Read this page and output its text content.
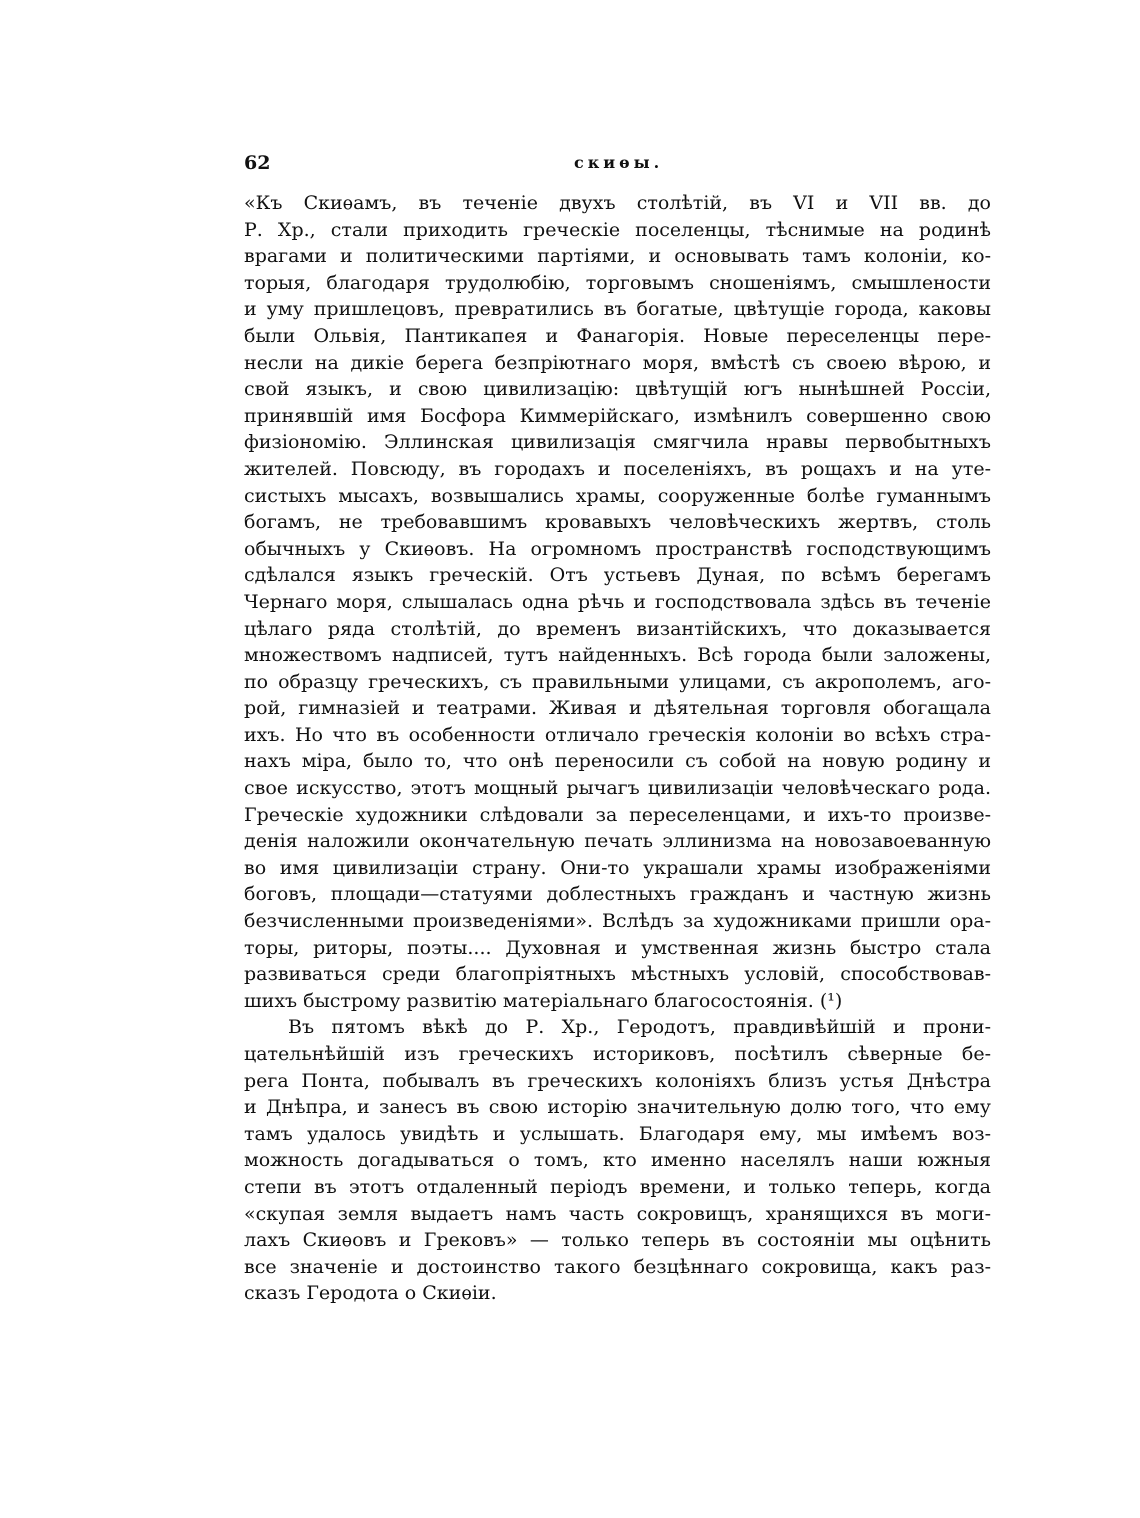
62	скиѳы.
«Къ Скиѳамъ, въ теченіе двухъ столѣтій, въ VI и VII вв. до
Р. Хр., стали приходить греческіе поселенцы, тѣснимые на родинѣ
врагами и политическими партіями, и основывать тамъ колоніи, ко-
торыя, благодаря трудолюбію, торговымъ сношеніямъ, смышлености
и уму пришлецовъ, превратились въ богатые, цвѣтущіе города, каковы
были Ольвія, Пантикапея и Фанагорія. Новые переселенцы пере-
несли на дикіе берега безпріютнаго моря, вмѣстѣ съ своею вѣрою, и
свой языкъ, и свою цивилизацію: цвѣтущій югъ нынѣшней Россіи,
принявшій имя Босфора Киммерійскаго, измѣнилъ совершенно свою
физіономію. Эллинская цивилизація смягчила нравы первобытныхъ
жителей. Повсюду, въ городахъ и поселеніяхъ, въ рощахъ и на уте-
систыхъ мысахъ, возвышались храмы, сооруженные болѣе гуманнымъ
богамъ, не требовавшимъ кровавыхъ человѣческихъ жертвъ, столь
обычныхъ у Скиѳовъ. На огромномъ пространствѣ господствующимъ
сдѣлался языкъ греческій. Отъ устьевъ Дуная, по всѣмъ берегамъ
Чернаго моря, слышалась одна рѣчь и господствовала здѣсь въ теченіе
цѣлаго ряда столѣтій, до временъ византійскихъ, что доказывается
множествомъ надписей, тутъ найденныхъ. Всѣ города были заложены,
по образцу греческихъ, съ правильными улицами, съ акрополемъ, аго-
рой, гимназіей и театрами. Живая и дѣятельная торговля обогащала
ихъ. Но что въ особенности отличало греческія колоніи во всѣхъ стра-
нахъ міра, было то, что онѣ переносили съ собой на новую родину и
свое искусство, этотъ мощный рычагъ цивилизаціи человѣческаго рода.
Греческіе художники слѣдовали за переселенцами, и ихъ-то произве-
денія наложили окончательную печать эллинизма на новозавоеванную
во имя цивилизаціи страну. Они-то украшали храмы изображеніями
боговъ, площади—статуями доблестныхъ гражданъ и частную жизнь
безчисленными произведеніями». Вслѣдъ за художниками пришли ора-
торы, риторы, поэты.... Духовная и умственная жизнь быстро стала
развиваться среди благопріятныхъ мѣстныхъ условій, способствовав-
шихъ быстрому развитію матеріальнаго благосостоянія. (¹)
Въ пятомъ вѣкѣ до Р. Хр., Геродотъ, правдивѣйшій и прони-
цательнѣйшій изъ греческихъ историковъ, посѣтилъ сѣверные бе-
рега Понта, побывалъ въ греческихъ колоніяхъ близъ устья Днѣстра
и Днѣпра, и занесъ въ свою исторію значительную долю того, что ему
тамъ удалось увидѣть и услышать. Благодаря ему, мы имѣемъ воз-
можность догадываться о томъ, кто именно населялъ наши южныя
степи въ этотъ отдаленный періодъ времени, и только теперь, когда
«скупая земля выдаетъ намъ часть сокровищъ, хранящихся въ моги-
лахъ Скиѳовъ и Грековъ» — только теперь въ состояніи мы оцѣнить
все значеніе и достоинство такого безцѣннаго сокровища, какъ раз-
сказъ Геродота о Скиѳіи.
